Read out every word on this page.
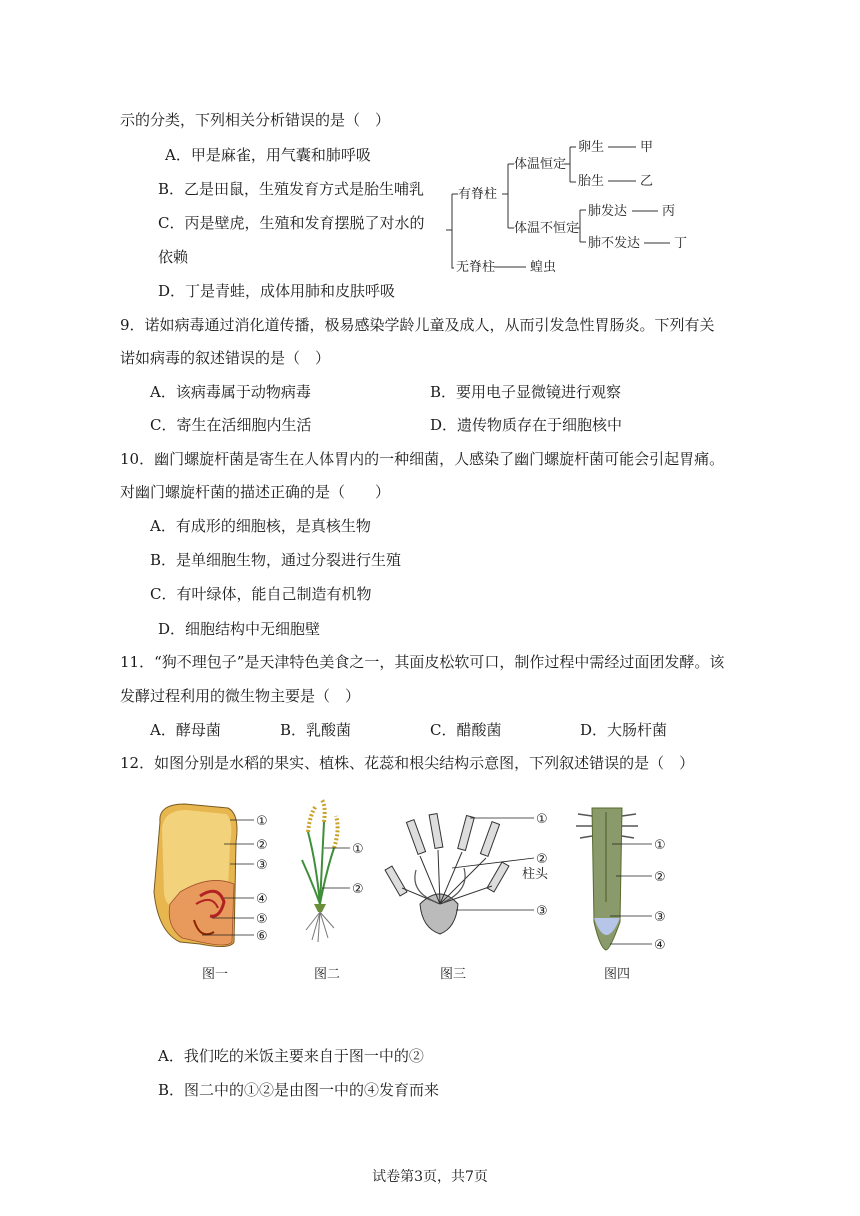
示的分类，下列相关分析错误的是（　）
A．甲是麻雀，用气囊和肺呼吸
B．乙是田鼠，生殖发育方式是胎生哺乳
C．丙是壁虎，生殖和发育摆脱了对水的
依赖
D．丁是青蛙，成体用肺和皮肤呼吸
有脊柱
体温恒定
体温不恒定
卵生
胎生
肺发达
肺不发达
甲
乙
丙
丁
无脊柱	蝗虫
9．诺如病毒通过消化道传播，极易感染学龄儿童及成人，从而引发急性胃肠炎。下列有关
诺如病毒的叙述错误的是（　）
A．该病毒属于动物病毒	B．要用电子显微镜进行观察
C．寄生在活细胞内生活	D．遗传物质存在于细胞核中
10．幽门螺旋杆菌是寄生在人体胃内的一种细菌，人感染了幽门螺旋杆菌可能会引起胃痛。
对幽门螺旋杆菌的描述正确的是（　　）
A．有成形的细胞核，是真核生物
B．是单细胞生物，通过分裂进行生殖
C．有叶绿体，能自己制造有机物
D．细胞结构中无细胞壁
11．“狗不理包子”是天津特色美食之一，其面皮松软可口，制作过程中需经过面团发酵。该
发酵过程利用的微生物主要是（　）
A．酵母菌	B．乳酸菌	C．醋酸菌	D．大肠杆菌
12．如图分别是水稻的果实、植株、花蕊和根尖结构示意图，下列叙述错误的是（　）
①
②
③
④
⑤
⑥
图一
①
②
图二
①
②
柱头
③
图三
①
②
③
④
图四
A．我们吃的米饭主要来自于图一中的②
B．图二中的①②是由图一中的④发育而来
试卷第3页，共7页
